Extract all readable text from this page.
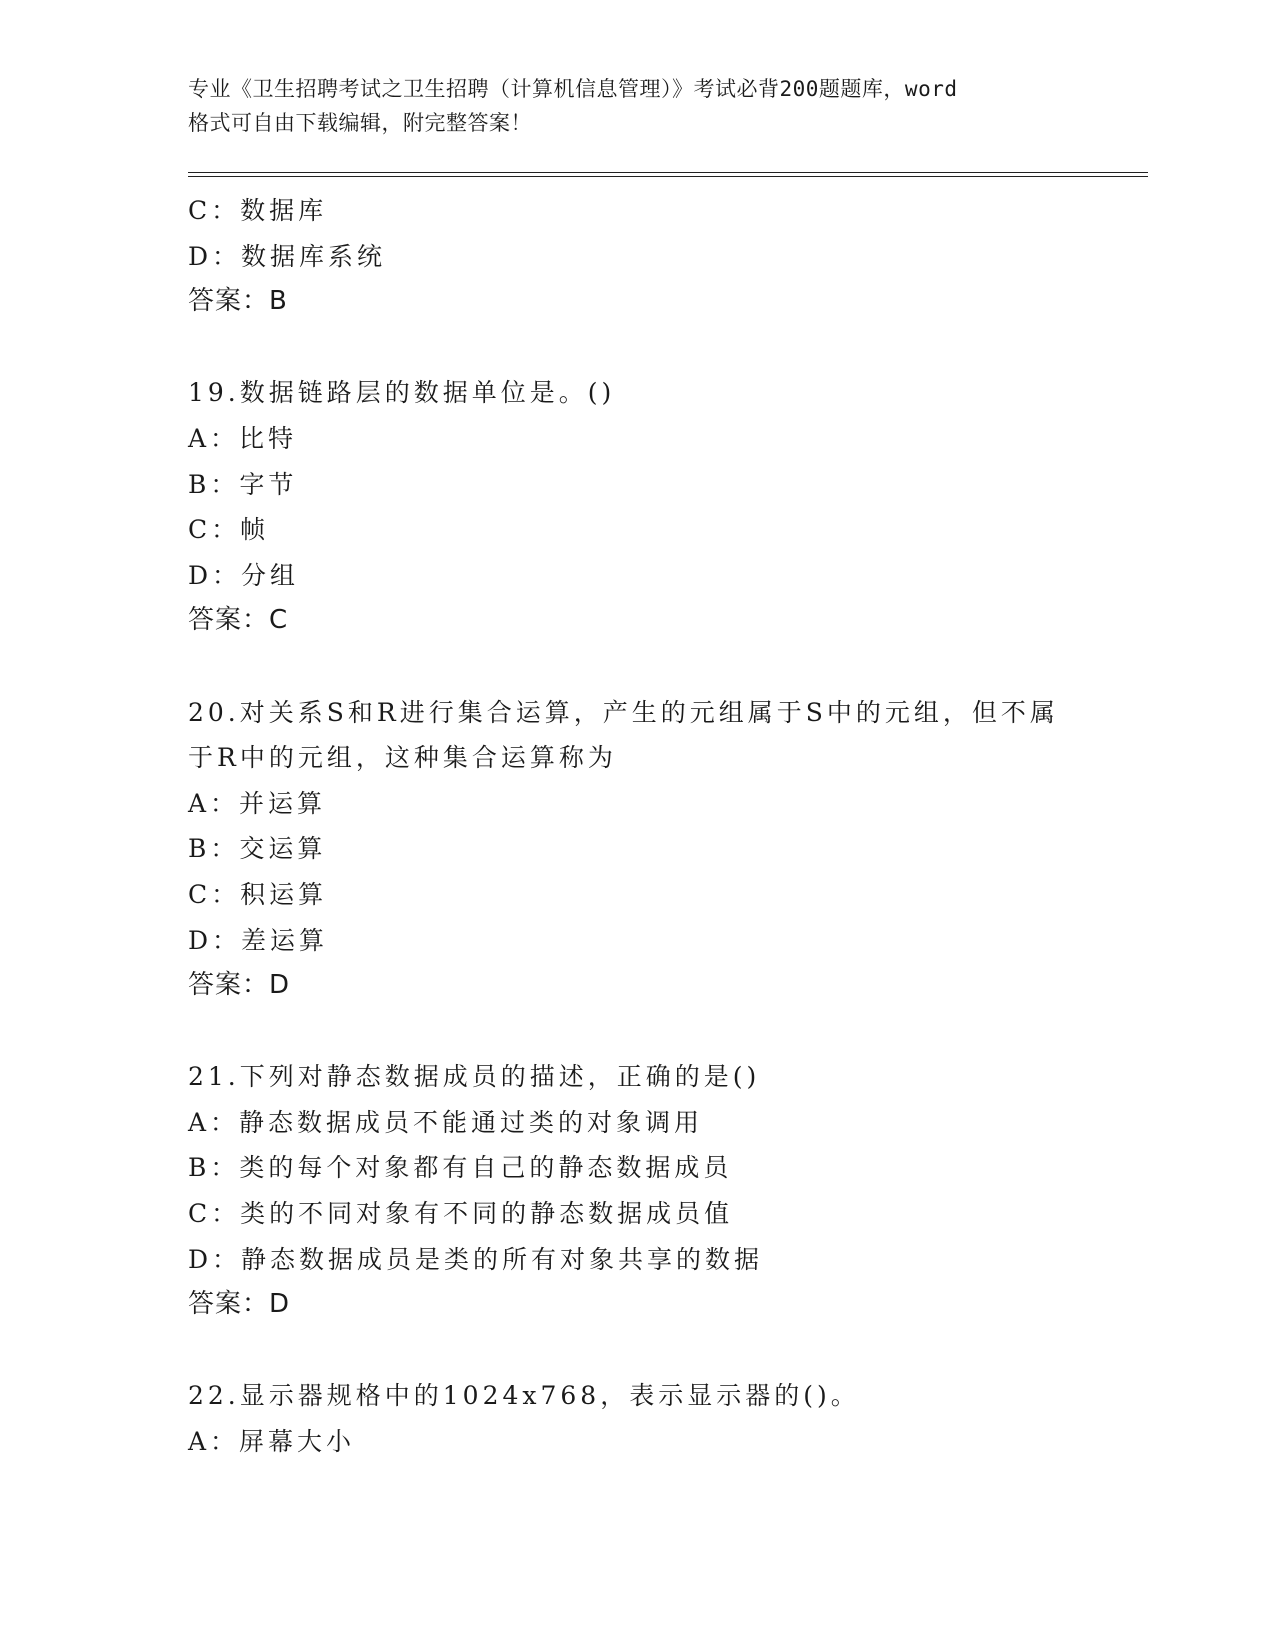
专业《卫生招聘考试之卫生招聘（计算机信息管理）》考试必背200题题库，word
格式可自由下载编辑，附完整答案！
C：数据库
D：数据库系统
答案：B
19.数据链路层的数据单位是。()
A：比特
B：字节
C：帧
D：分组
答案：C
20.对关系S和R进行集合运算，产生的元组属于S中的元组，但不属
于R中的元组，这种集合运算称为
A：并运算
B：交运算
C：积运算
D：差运算
答案：D
21.下列对静态数据成员的描述，正确的是()
A：静态数据成员不能通过类的对象调用
B：类的每个对象都有自己的静态数据成员
C：类的不同对象有不同的静态数据成员值
D：静态数据成员是类的所有对象共享的数据
答案：D
22.显示器规格中的1024x768，表示显示器的()。
A：屏幕大小
